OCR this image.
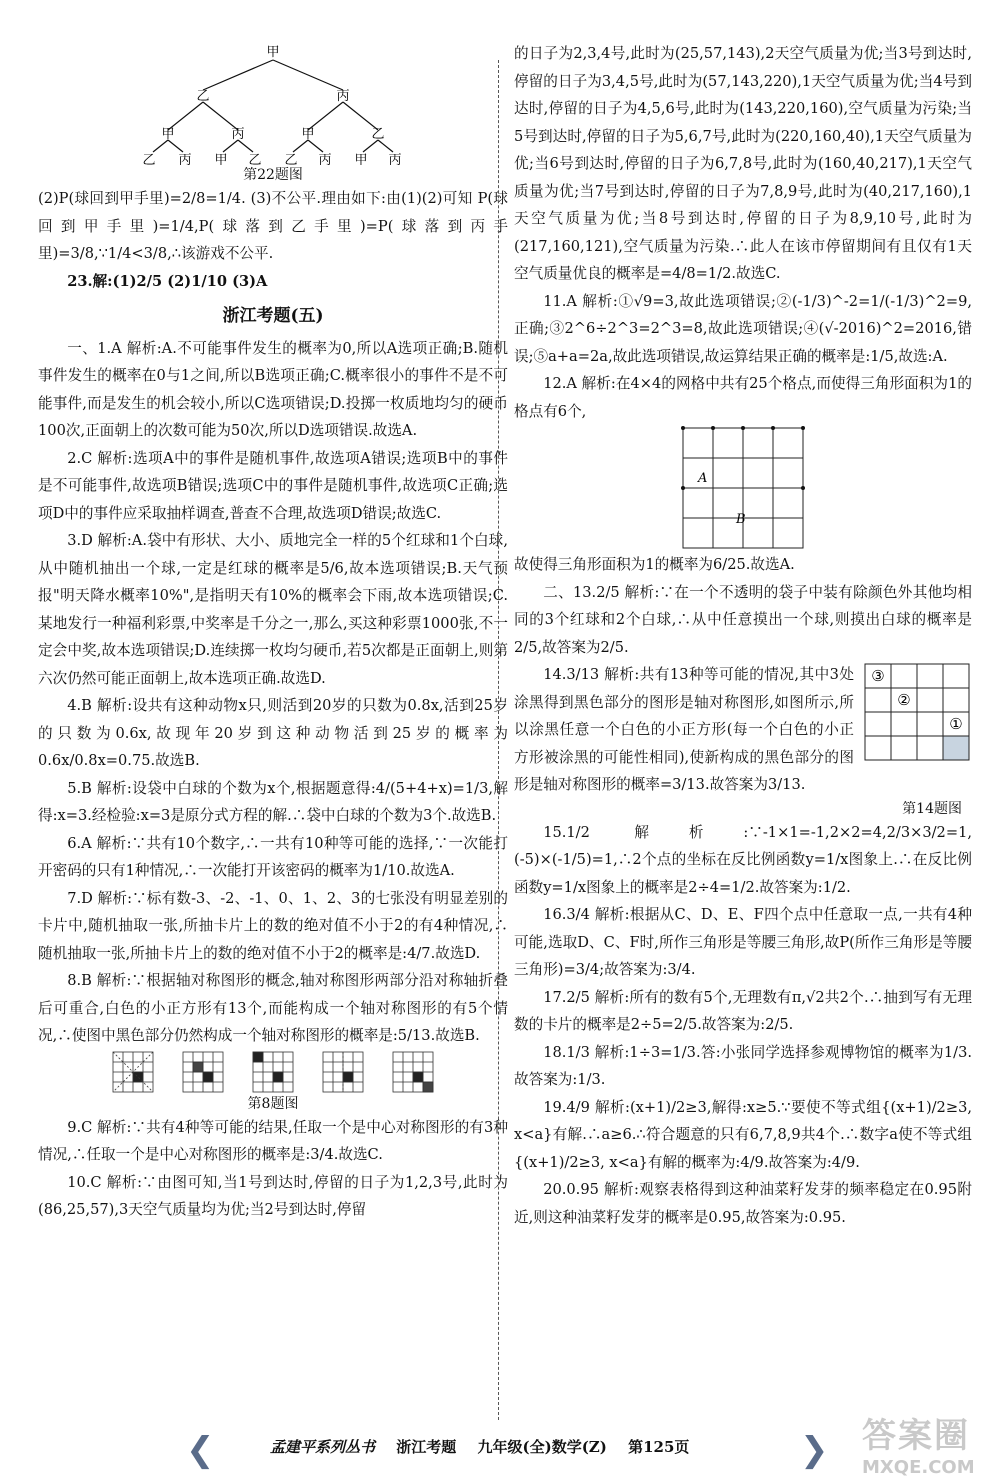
甲
乙	丙
甲	丙	甲	乙
乙 丙 甲 乙 乙 丙 甲 丙
第22题图

(2)P(球回到甲手里)=2/8=1/4. (3)不公平.理由如下:由(1)(2)可知 P(球回到甲手里)=1/4,P(球落到乙手里)=P(球落到丙手里)=3/8,∵1/4<3/8,∴该游戏不公平.

23.解:(1)2/5 (2)1/10 (3)A

浙江考题(五)

一、1.A 解析:A.不可能事件发生的概率为0,所以A选项正确;B.随机事件发生的概率在0与1之间,所以B选项正确;C.概率很小的事件不是不可能事件,而是发生的机会较小,所以C选项错误;D.投掷一枚质地均匀的硬币100次,正面朝上的次数可能为50次,所以D选项错误.故选A.

2.C 解析:选项A中的事件是随机事件,故选项A错误;选项B中的事件是不可能事件,故选项B错误;选项C中的事件是随机事件,故选项C正确;选项D中的事件应采取抽样调查,普查不合理,故选项D错误;故选C.

3.D 解析:A.袋中有形状、大小、质地完全一样的5个红球和1个白球,从中随机抽出一个球,一定是红球的概率是5/6,故本选项错误;B.天气预报"明天降水概率10%",是指明天有10%的概率会下雨,故本选项错误;C.某地发行一种福利彩票,中奖率是千分之一,那么,买这种彩票1000张,不一定会中奖,故本选项错误;D.连续掷一枚均匀硬币,若5次都是正面朝上,则第六次仍然可能正面朝上,故本选项正确.故选D.

4.B 解析:设共有这种动物x只,则活到20岁的只数为0.8x,活到25岁的只数为0.6x,故现年20岁到这种动物活到25岁的概率为0.6x/0.8x=0.75.故选B.

5.B 解析:设袋中白球的个数为x个,根据题意得:4/(5+4+x)=1/3,解得:x=3.经检验:x=3是原分式方程的解.∴袋中白球的个数为3个.故选B.

6.A 解析:∵共有10个数字,∴一共有10种等可能的选择,∵一次能打开密码的只有1种情况,∴一次能打开该密码的概率为1/10.故选A.

7.D 解析:∵标有数-3、-2、-1、0、1、2、3的七张没有明显差别的卡片中,随机抽取一张,所抽卡片上的数的绝对值不小于2的有4种情况,∴随机抽取一张,所抽卡片上的数的绝对值不小于2的概率是:4/7.故选D.

8.B 解析:∵根据轴对称图形的概念,轴对称图形两部分沿对称轴折叠后可重合,白色的小正方形有13个,而能构成一个轴对称图形的有5个情况,∴使图中黑色部分仍然构成一个轴对称图形的概率是:5/13.故选B.

第8题图

9.C 解析:∵共有4种等可能的结果,任取一个是中心对称图形的有3种情况,∴任取一个是中心对称图形的概率是:3/4.故选C.

10.C 解析:∵由图可知,当1号到达时,停留的日子为1,2,3号,此时为(86,25,57),3天空气质量均为优;当2号到达时,停留

的日子为2,3,4号,此时为(25,57,143),2天空气质量为优;当3号到达时,停留的日子为3,4,5号,此时为(57,143,220),1天空气质量为优;当4号到达时,停留的日子为4,5,6号,此时为(143,220,160),空气质量为污染;当5号到达时,停留的日子为5,6,7号,此时为(220,160,40),1天空气质量为优;当6号到达时,停留的日子为6,7,8号,此时为(160,40,217),1天空气质量为优;当7号到达时,停留的日子为7,8,9号,此时为(40,217,160),1天空气质量为优;当8号到达时,停留的日子为8,9,10号,此时为(217,160,121),空气质量为污染.∴此人在该市停留期间有且仅有1天空气质量优良的概率是=4/8=1/2.故选C.

11.A 解析:①√9=3,故此选项错误;②(-1/3)^-2=1/(-1/3)^2=9,正确;③2^6÷2^3=2^3=8,故此选项错误;④(√-2016)^2=2016,错误;⑤a+a=2a,故此选项错误,故运算结果正确的概率是:1/5,故选:A.

12.A 解析:在4×4的网格中共有25个格点,而使得三角形面积为1的格点有6个,

A
B

故使得三角形面积为1的概率为6/25.故选A.

二、13.2/5 解析:∵在一个不透明的袋子中装有除颜色外其他均相同的3个红球和2个白球,∴从中任意摸出一个球,则摸出白球的概率是2/5,故答案为2/5.

③
②
①

14.3/13 解析:共有13种等可能的情况,其中3处涂黑得到黑色部分的图形是轴对称图形,如图所示,所以涂黑任意一个白色的小正方形(每一个白色的小正方形被涂黑的可能性相同),使新构成的黑色部分的图形是轴对称图形的概率=3/13.故答案为3/13.

第14题图

15.1/2 解析:∵-1×1=-1,2×2=4,2/3×3/2=1,(-5)×(-1/5)=1,∴2个点的坐标在反比例函数y=1/x图象上.∴在反比例函数y=1/x图象上的概率是2÷4=1/2.故答案为:1/2.

16.3/4 解析:根据从C、D、E、F四个点中任意取一点,一共有4种可能,选取D、C、F时,所作三角形是等腰三角形,故P(所作三角形是等腰三角形)=3/4;故答案为:3/4.

17.2/5 解析:所有的数有5个,无理数有π,√2共2个.∴抽到写有无理数的卡片的概率是2÷5=2/5.故答案为:2/5.

18.1/3 解析:1÷3=1/3.答:小张同学选择参观博物馆的概率为1/3.故答案为:1/3.

19.4/9 解析:(x+1)/2≥3,解得:x≥5.∵要使不等式组{(x+1)/2≥3, x<a}有解.∴a≥6.∴符合题意的只有6,7,8,9共4个.∴数字a使不等式组{(x+1)/2≥3, x<a}有解的概率为:4/9.故答案为:4/9.

20.0.95 解析:观察表格得到这种油菜籽发芽的频率稳定在0.95附近,则这种油菜籽发芽的概率是0.95,故答案为:0.95.

❮	孟建平系列丛书 浙江考题 九年级(全)数学(Z) 第125页	❯ 答案圈
MXQE.COM
